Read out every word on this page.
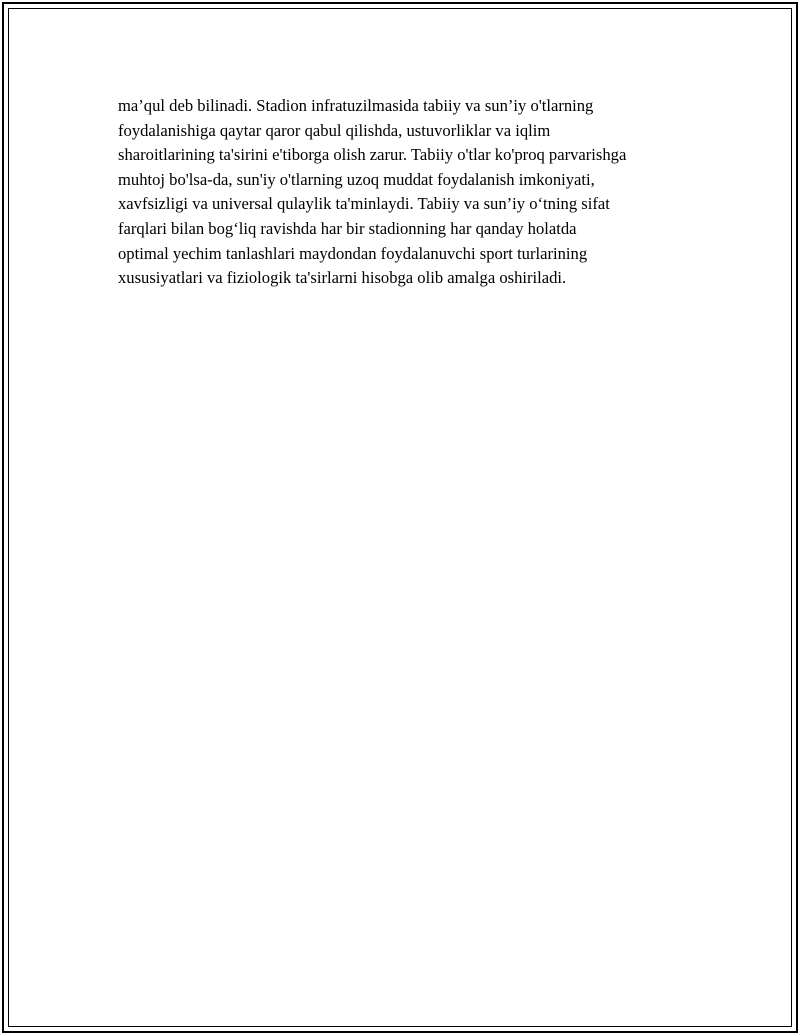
ma’qul deb bilinadi. Stadion infratuzilmasida tabiiy va sun’iy o'tlarning
foydalanishiga qaytar qaror qabul qilishda, ustuvorliklar va iqlim
sharoitlarining ta'sirini e'tiborga olish zarur. Tabiiy o'tlar ko'proq parvarishga
muhtoj bo'lsa-da, sun'iy o'tlarning uzoq muddat foydalanish imkoniyati,
xavfsizligi va universal qulaylik ta'minlaydi. Tabiiy va sun’iy o‘tning sifat
farqlari bilan bog‘liq ravishda har bir stadionning har qanday holatda
optimal yechim tanlashlari maydondan foydalanuvchi sport turlarining
xususiyatlari va fiziologik ta'sirlarni hisobga olib amalga oshiriladi.
